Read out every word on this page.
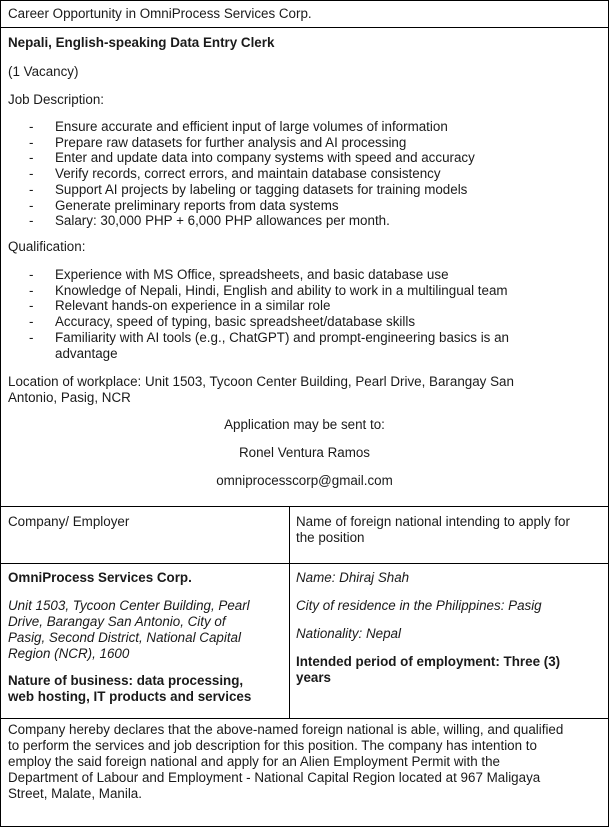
Career Opportunity in OmniProcess Services Corp.
Nepali, English-speaking Data Entry Clerk
(1 Vacancy)
Job Description:
- Ensure accurate and efficient input of large volumes of information
- Prepare raw datasets for further analysis and AI processing
- Enter and update data into company systems with speed and accuracy
- Verify records, correct errors, and maintain database consistency
- Support AI projects by labeling or tagging datasets for training models
- Generate preliminary reports from data systems
- Salary: 30,000 PHP + 6,000 PHP allowances per month.
Qualification:
- Experience with MS Office, spreadsheets, and basic database use
- Knowledge of Nepali, Hindi, English and ability to work in a multilingual team
- Relevant hands-on experience in a similar role
- Accuracy, speed of typing, basic spreadsheet/database skills
- Familiarity with AI tools (e.g., ChatGPT) and prompt-engineering basics is an
advantage
Location of workplace: Unit 1503, Tycoon Center Building, Pearl Drive, Barangay San
Antonio, Pasig, NCR
Application may be sent to:
Ronel Ventura Ramos
omniprocesscorp@gmail.com
Company/ Employer	Name of foreign national intending to apply for
the position
OmniProcess Services Corp.
Unit 1503, Tycoon Center Building, Pearl
Drive, Barangay San Antonio, City of
Pasig, Second District, National Capital
Region (NCR), 1600
Nature of business: data processing,
web hosting, IT products and services
Name: Dhiraj Shah
City of residence in the Philippines: Pasig
Nationality: Nepal
Intended period of employment: Three (3)
years
Company hereby declares that the above-named foreign national is able, willing, and qualified
to perform the services and job description for this position. The company has intention to
employ the said foreign national and apply for an Alien Employment Permit with the
Department of Labour and Employment - National Capital Region located at 967 Maligaya
Street, Malate, Manila.
